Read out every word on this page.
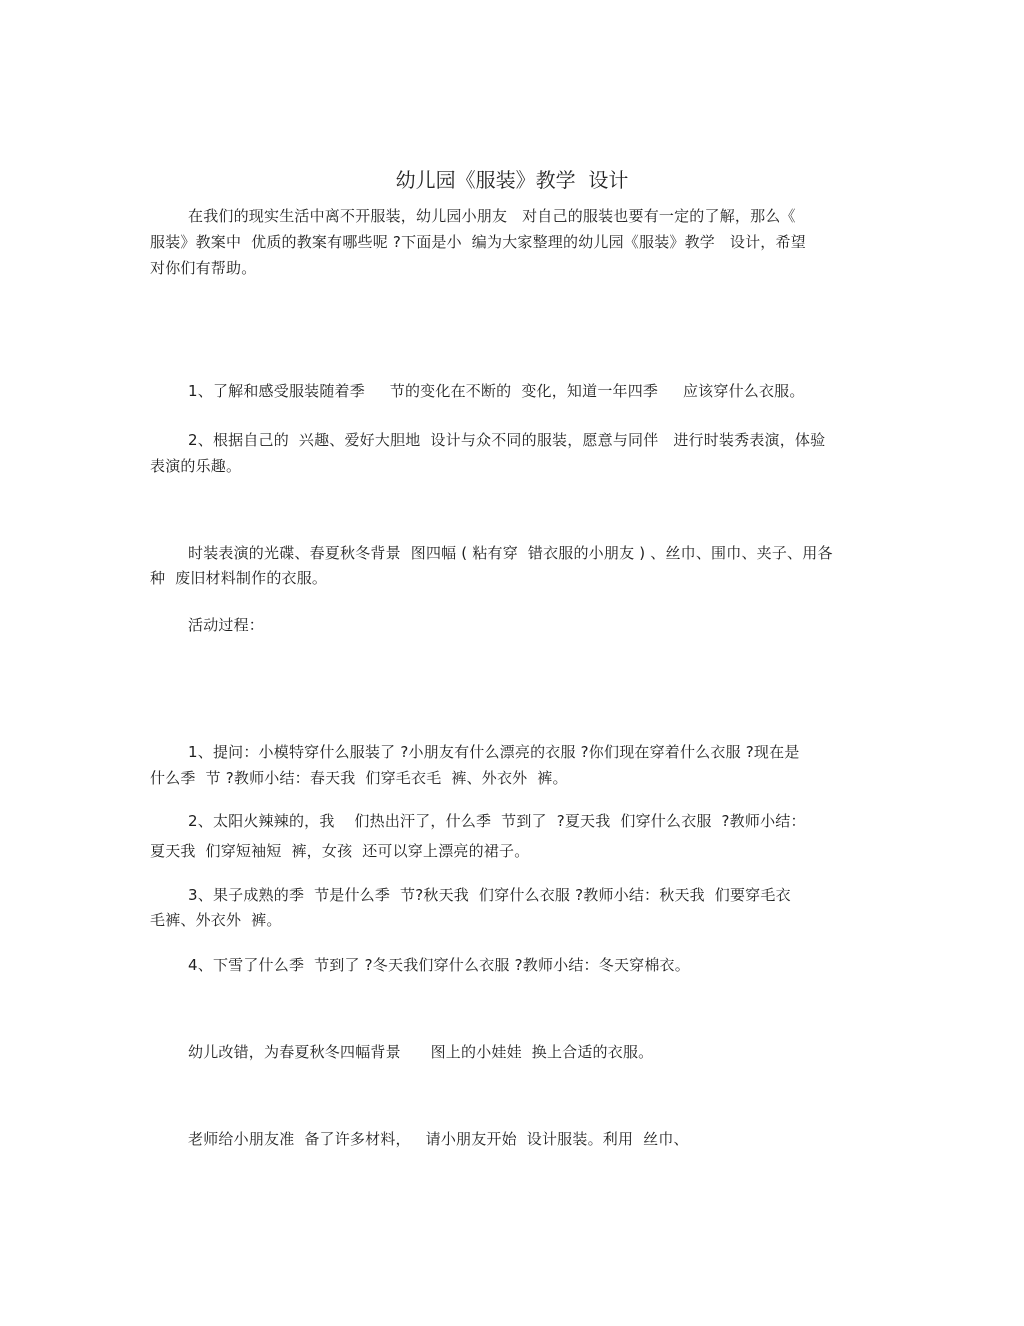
幼儿园《服装》教学  设计
在我们的现实生活中离不开服装，幼儿园小朋友   对自己的服装也要有一定的了解，那么《
服装》教案中  优质的教案有哪些呢 ?下面是小  编为大家整理的幼儿园《服装》教学   设计，希望
对你们有帮助。
1、了解和感受服装随着季     节的变化在不断的  变化，知道一年四季     应该穿什么衣服。
2、根据自己的  兴趣、爱好大胆地  设计与众不同的服装，愿意与同伴   进行时装秀表演，体验
表演的乐趣。
时装表演的光碟、春夏秋冬背景  图四幅 ( 粘有穿  错衣服的小朋友 ) 、丝巾、围巾、夹子、用各
种  废旧材料制作的衣服。
活动过程：
1、提问：小模特穿什么服装了 ?小朋友有什么漂亮的衣服 ?你们现在穿着什么衣服 ?现在是
什么季  节 ?教师小结：春天我  们穿毛衣毛  裤、外衣外  裤。
2、太阳火辣辣的，我    们热出汗了，什么季  节到了  ?夏天我  们穿什么衣服  ?教师小结：
夏天我  们穿短袖短  裤，女孩  还可以穿上漂亮的裙子。
3、果子成熟的季  节是什么季  节?秋天我  们穿什么衣服 ?教师小结：秋天我  们要穿毛衣
毛裤、外衣外  裤。
4、下雪了什么季  节到了 ?冬天我们穿什么衣服 ?教师小结：冬天穿棉衣。
幼儿改错，为春夏秋冬四幅背景      图上的小娃娃  换上合适的衣服。
老师给小朋友准  备了许多材料，   请小朋友开始  设计服装。利用  丝巾、
